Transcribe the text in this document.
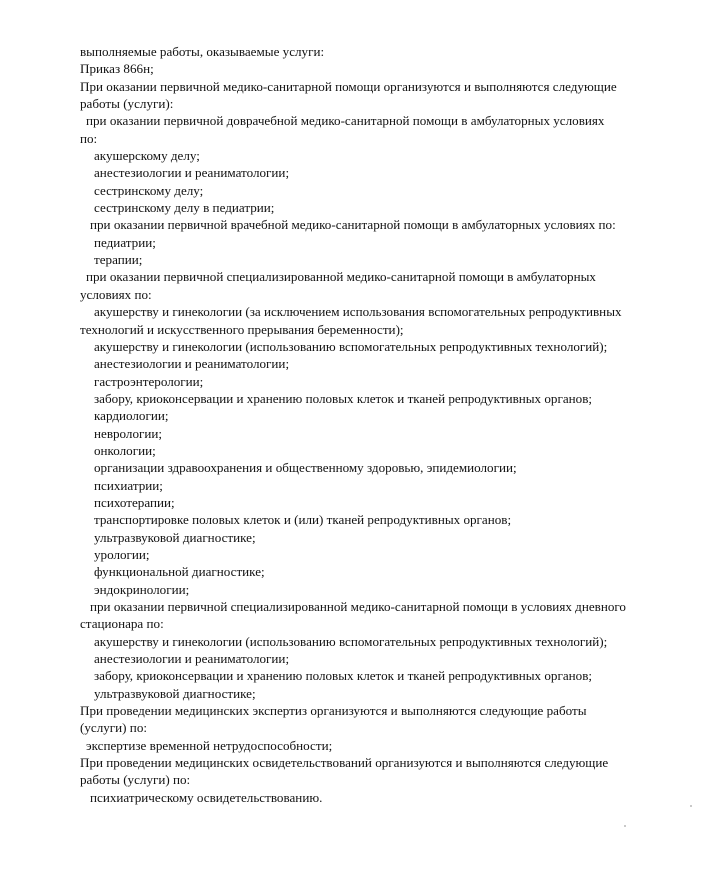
выполняемые работы, оказываемые услуги:
Приказ 866н;
При оказании первичной медико-санитарной помощи организуются и выполняются следующие
работы (услуги):
при оказании первичной доврачебной медико-санитарной помощи в амбулаторных условиях
по:
акушерскому делу;
анестезиологии и реаниматологии;
сестринскому делу;
сестринскому делу в педиатрии;
при оказании первичной врачебной медико-санитарной помощи в амбулаторных условиях по:
педиатрии;
терапии;
при оказании первичной специализированной медико-санитарной помощи в амбулаторных
условиях по:
акушерству и гинекологии (за исключением использования вспомогательных репродуктивных
технологий и искусственного прерывания беременности);
акушерству и гинекологии (использованию вспомогательных репродуктивных технологий);
анестезиологии и реаниматологии;
гастроэнтерологии;
забору, криоконсервации и хранению половых клеток и тканей репродуктивных органов;
кардиологии;
неврологии;
онкологии;
организации здравоохранения и общественному здоровью, эпидемиологии;
психиатрии;
психотерапии;
транспортировке половых клеток и (или) тканей репродуктивных органов;
ультразвуковой диагностике;
урологии;
функциональной диагностике;
эндокринологии;
при оказании первичной специализированной медико-санитарной помощи в условиях дневного
стационара по:
акушерству и гинекологии (использованию вспомогательных репродуктивных технологий);
анестезиологии и реаниматологии;
забору, криоконсервации и хранению половых клеток и тканей репродуктивных органов;
ультразвуковой диагностике;
При проведении медицинских экспертиз организуются и выполняются следующие работы
(услуги) по:
экспертизе временной нетрудоспособности;
При проведении медицинских освидетельствований организуются и выполняются следующие
работы (услуги) по:
психиатрическому освидетельствованию.
